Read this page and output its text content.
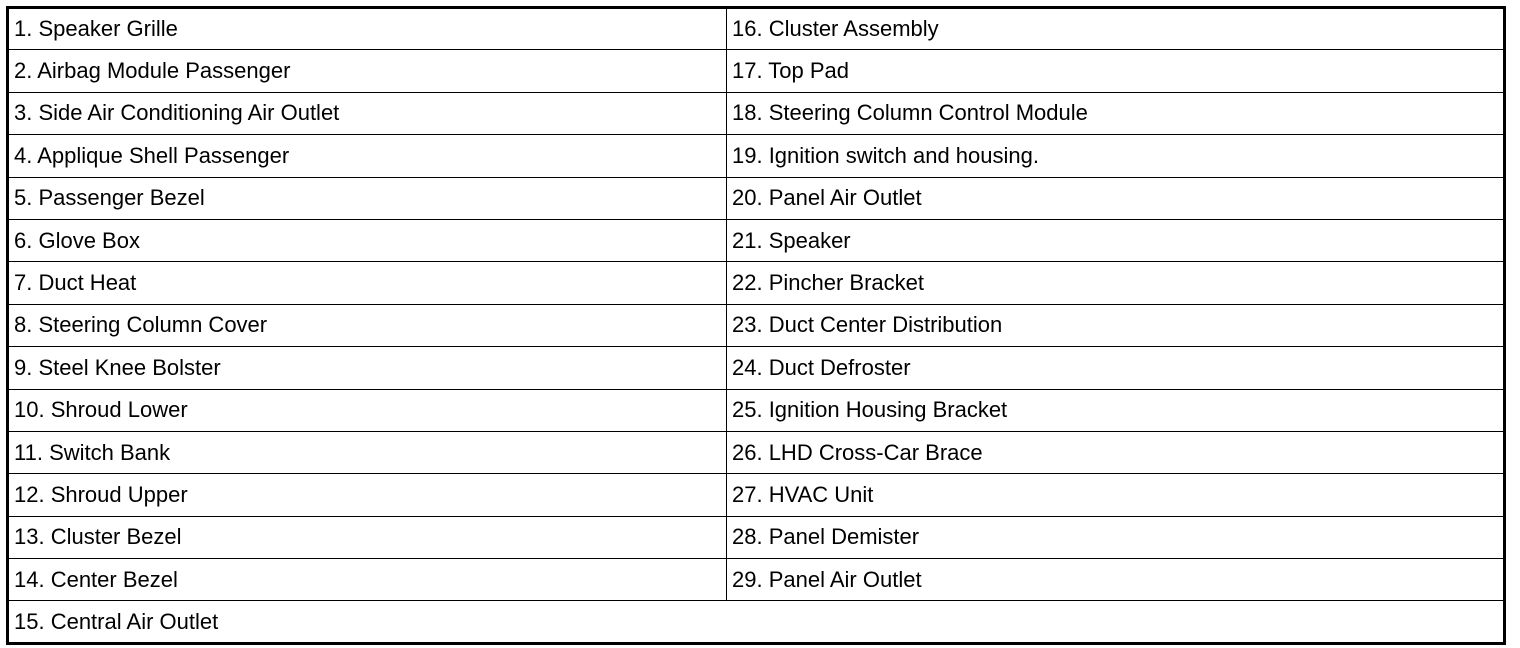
1. Speaker Grille	16. Cluster Assembly
2. Airbag Module Passenger	17. Top Pad
3. Side Air Conditioning Air Outlet	18. Steering Column Control Module
4. Applique Shell Passenger	19. Ignition switch and housing.
5. Passenger Bezel	20. Panel Air Outlet
6. Glove Box	21. Speaker
7. Duct Heat	22. Pincher Bracket
8. Steering Column Cover	23. Duct Center Distribution
9. Steel Knee Bolster	24. Duct Defroster
10. Shroud Lower	25. Ignition Housing Bracket
11. Switch Bank	26. LHD Cross-Car Brace
12. Shroud Upper	27. HVAC Unit
13. Cluster Bezel	28. Panel Demister
14. Center Bezel	29. Panel Air Outlet
15. Central Air Outlet	
